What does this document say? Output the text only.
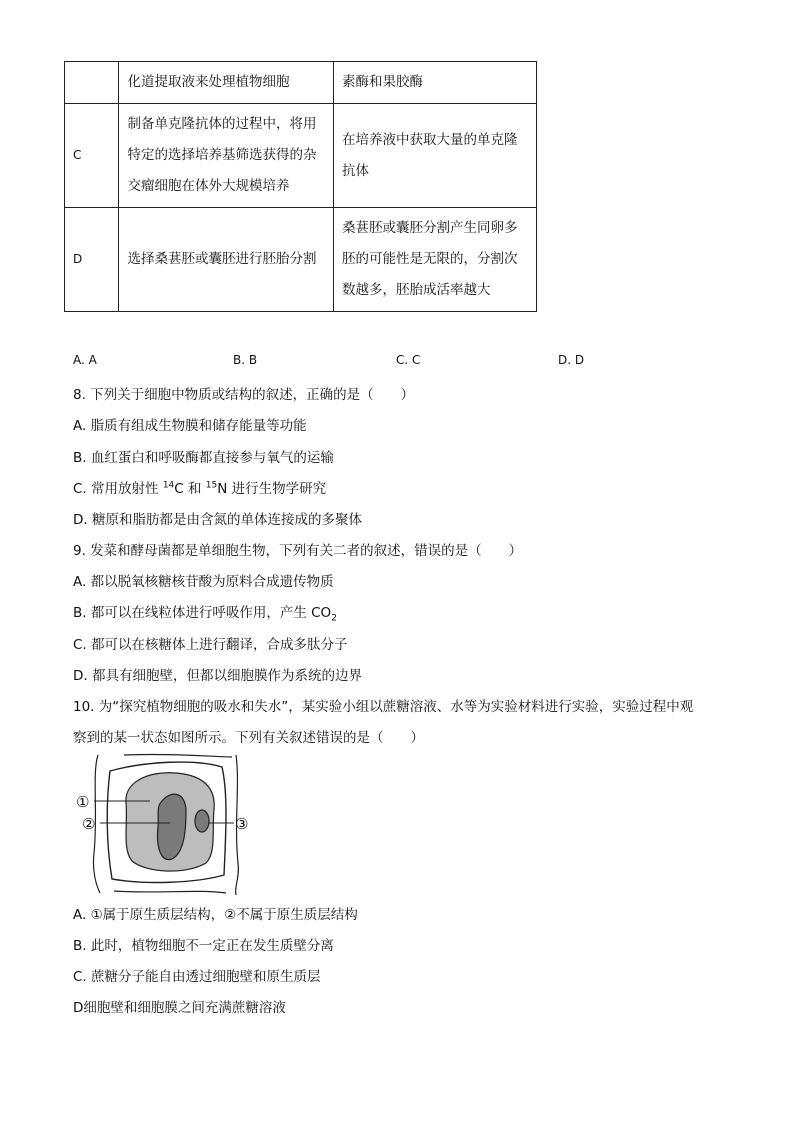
	化道提取液来处理植物细胞	素酶和果胶酶
C	制备单克隆抗体的过程中，将用特定的选择培养基筛选获得的杂交瘤细胞在体外大规模培养	在培养液中获取大量的单克隆抗体
D	选择桑葚胚或囊胚进行胚胎分割	桑葚胚或囊胚分割产生同卵多胚的可能性是无限的，分割次数越多，胚胎成活率越大
A. A	B. B	C. C	D. D
8. 下列关于细胞中物质或结构的叙述，正确的是（　　）
A. 脂质有组成生物膜和储存能量等功能
B. 血红蛋白和呼吸酶都直接参与氧气的运输
C. 常用放射性 $^{14}$C 和 $^{15}$N 进行生物学研究
D. 糖原和脂肪都是由含氮的单体连接成的多聚体
9. 发菜和酵母菌都是单细胞生物，下列有关二者的叙述，错误的是（　　）
A. 都以脱氧核糖核苷酸为原料合成遗传物质
B. 都可以在线粒体进行呼吸作用，产生 $CO_2$
C. 都可以在核糖体上进行翻译，合成多肽分子
D. 都具有细胞壁，但都以细胞膜作为系统的边界
10. 为“探究植物细胞的吸水和失水”，某实验小组以蔗糖溶液、水等为实验材料进行实验，实验过程中观
察到的某一状态如图所示。下列有关叙述错误的是（　　）
①
②	③
A. ①属于原生质层结构，②不属于原生质层结构
B. 此时，植物细胞不一定正在发生质壁分离
C. 蔗糖分子能自由透过细胞壁和原生质层
D细胞壁和细胞膜之间充满蔗糖溶液
